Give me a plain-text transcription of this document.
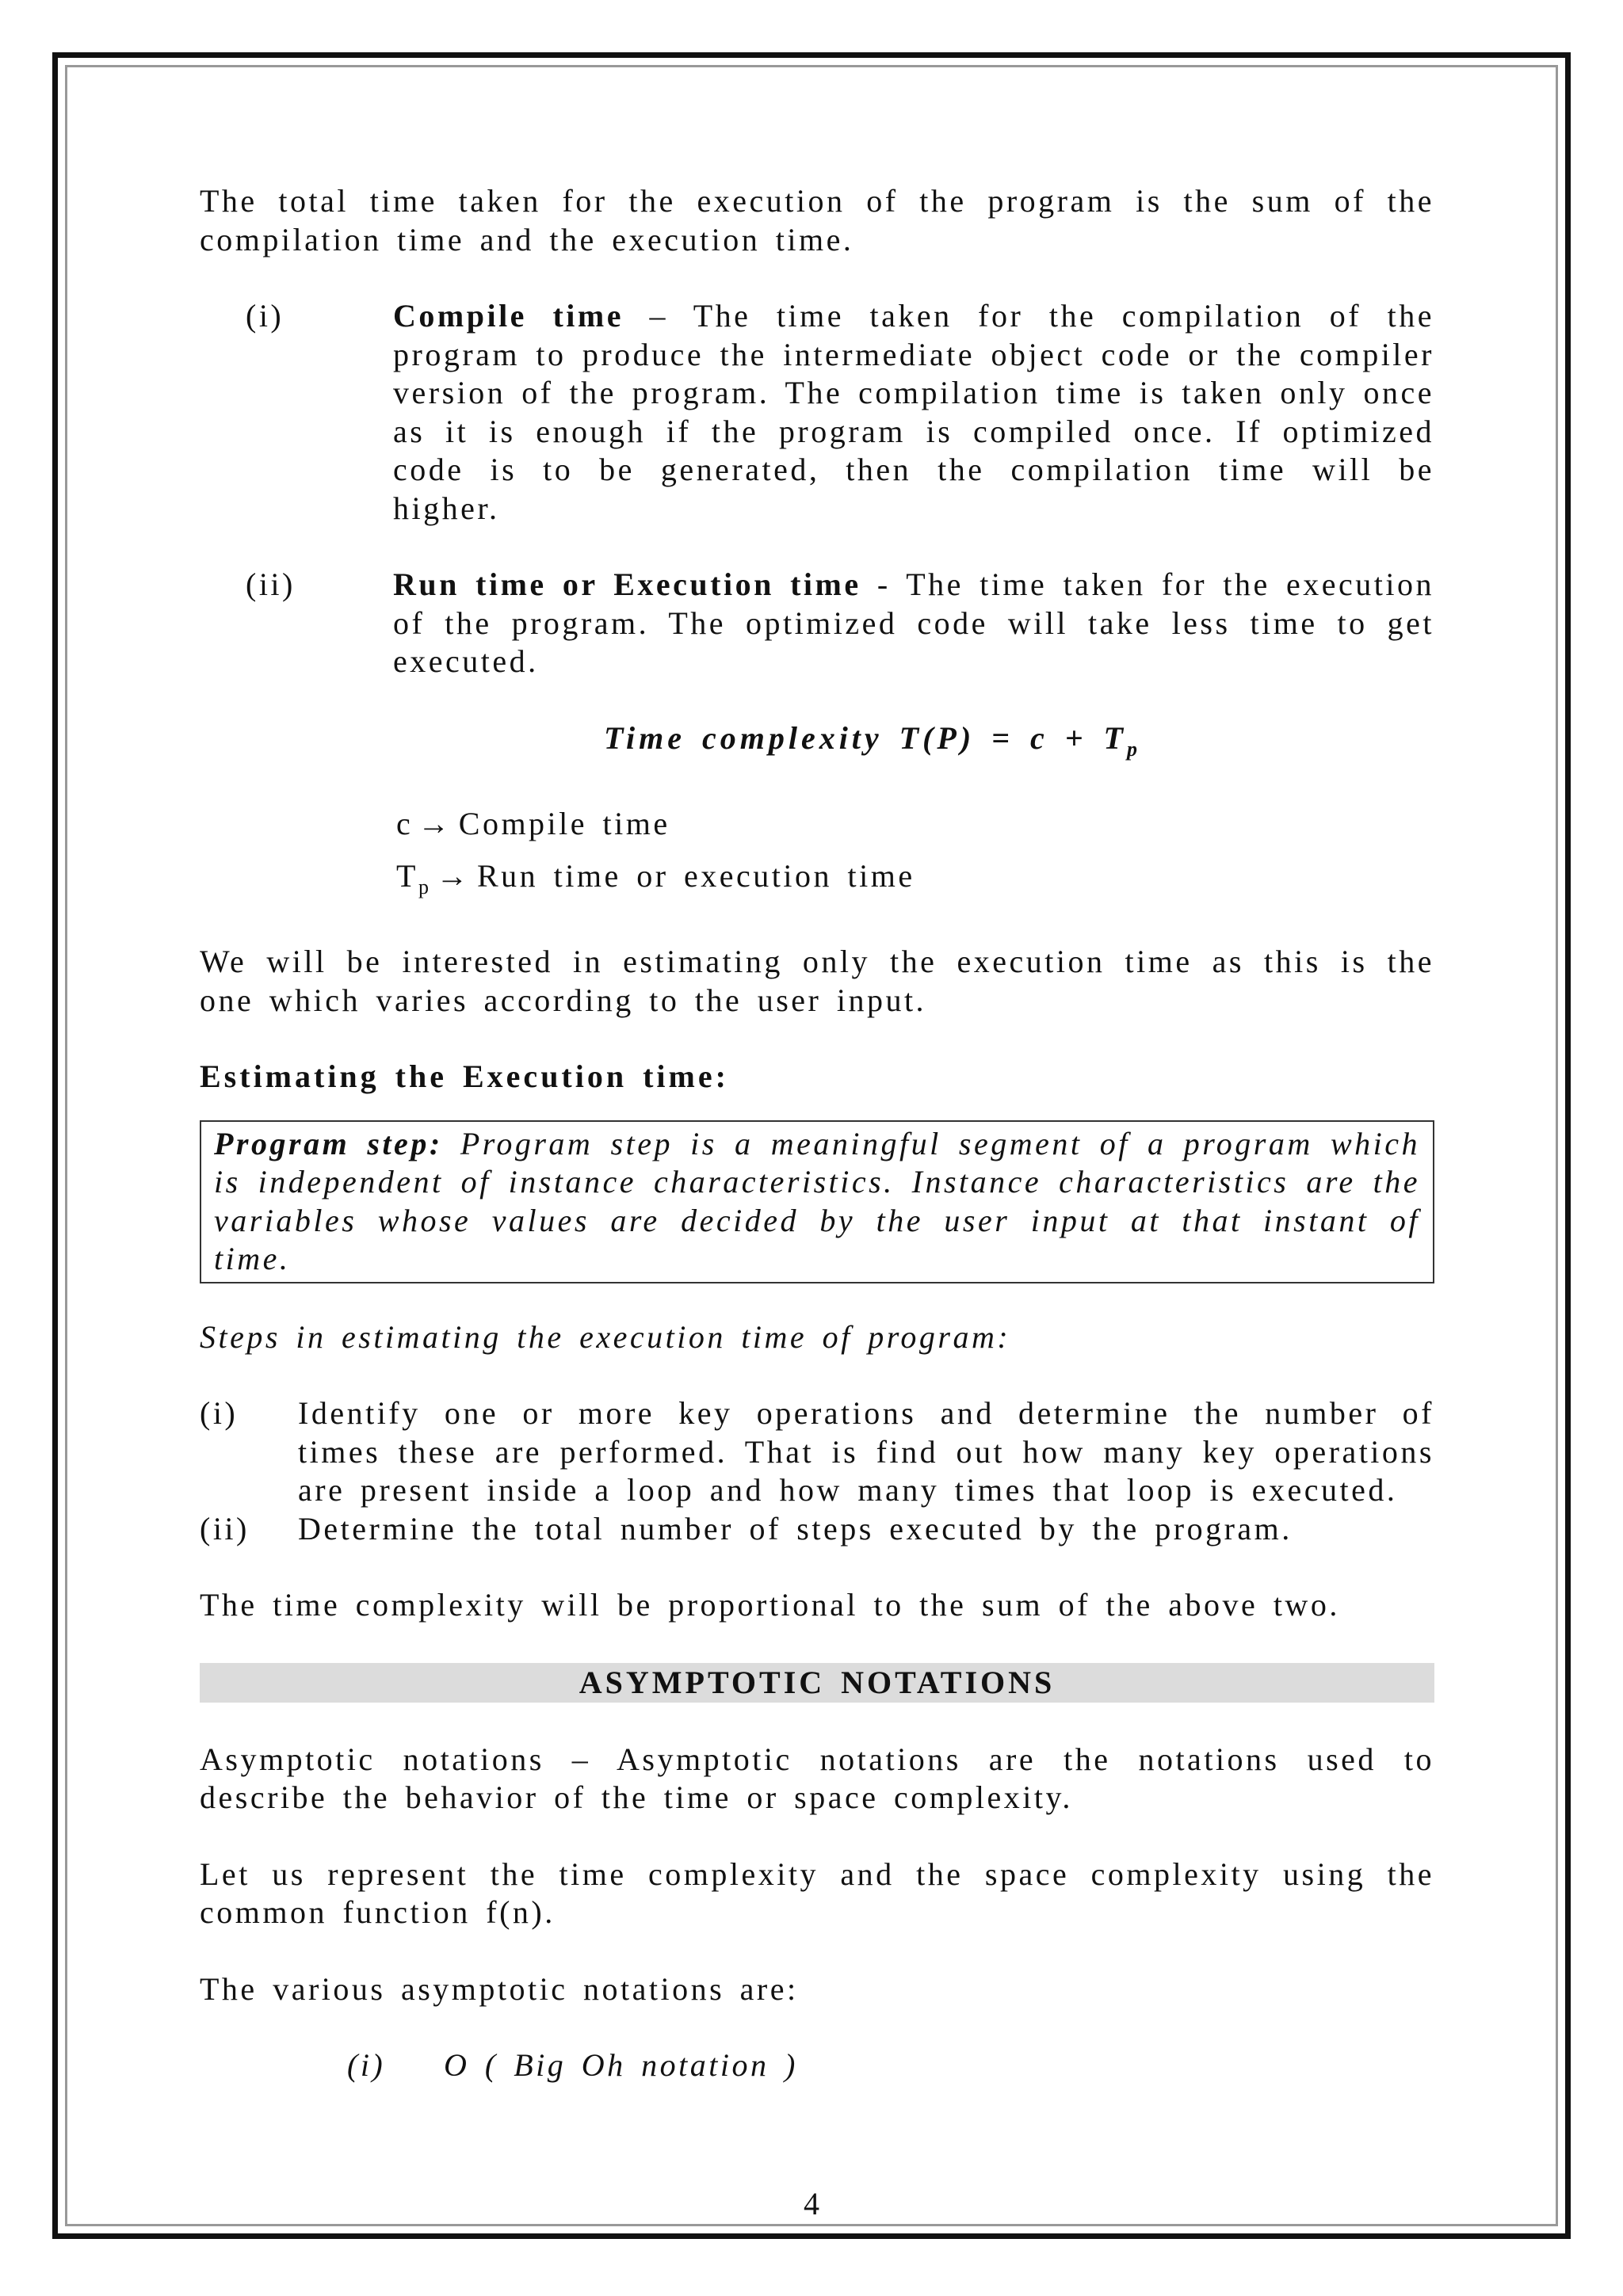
The total time taken for the execution of the program is the sum of the compilation time and the execution time.

(i)	Compile time – The time taken for the compilation of the program to produce the intermediate object code or the compiler version of the program. The compilation time is taken only once as it is enough if the program is compiled once. If optimized code is to be generated, then the compilation time will be higher.

(ii)	Run time or Execution time - The time taken for the execution of the program. The optimized code will take less time to get executed.

Time complexity $T(P) = c + T_p$

c → Compile time
$T_p$ → Run time or execution time

We will be interested in estimating only the execution time as this is the one which varies according to the user input.

Estimating the Execution time:

Program step: Program step is a meaningful segment of a program which is independent of instance characteristics. Instance characteristics are the variables whose values are decided by the user input at that instant of time.

Steps in estimating the execution time of program:

(i)	Identify one or more key operations and determine the number of times these are performed. That is find out how many key operations are present inside a loop and how many times that loop is executed.

(ii)	Determine the total number of steps executed by the program.

The time complexity will be proportional to the sum of the above two.

ASYMPTOTIC NOTATIONS

Asymptotic notations – Asymptotic notations are the notations used to describe the behavior of the time or space complexity.

Let us represent the time complexity and the space complexity using the common function f(n).

The various asymptotic notations are:

(i)	O ( Big Oh notation )
4
